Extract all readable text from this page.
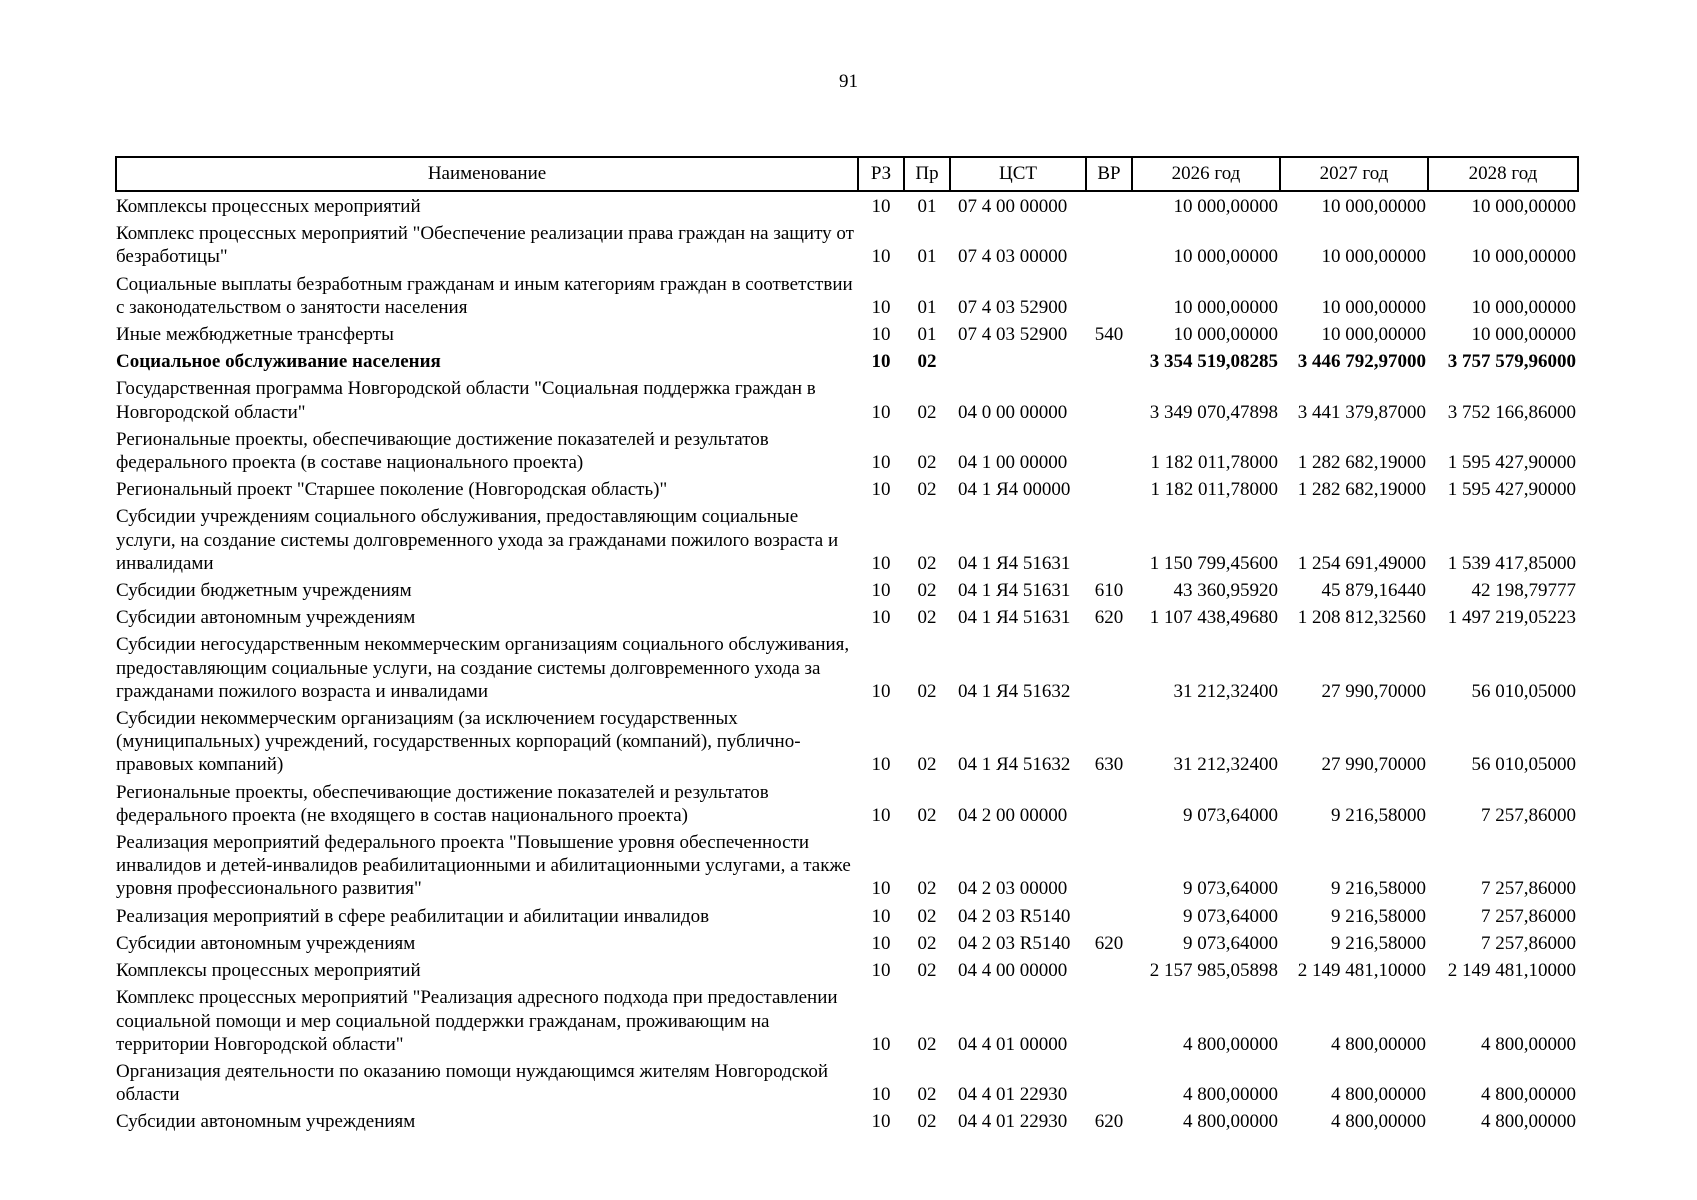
91
Наименование	РЗ	Пр	ЦСТ	ВР	2026 год	2027 год	2028 год
Комплексы процессных мероприятий	10	01	07 4 00 00000		10 000,00000	10 000,00000	10 000,00000
Комплекс процессных мероприятий "Обеспечение реализации права граждан на защиту от безработицы"	10	01	07 4 03 00000		10 000,00000	10 000,00000	10 000,00000
Социальные выплаты безработным гражданам и иным категориям граждан в соответствии с законодательством о занятости населения	10	01	07 4 03 52900		10 000,00000	10 000,00000	10 000,00000
Иные межбюджетные трансферты	10	01	07 4 03 52900	540	10 000,00000	10 000,00000	10 000,00000
Социальное обслуживание населения	10	02			3 354 519,08285	3 446 792,97000	3 757 579,96000
Государственная программа Новгородской области "Социальная поддержка граждан в Новгородской области"	10	02	04 0 00 00000		3 349 070,47898	3 441 379,87000	3 752 166,86000
Региональные проекты, обеспечивающие достижение показателей и результатов федерального проекта (в составе национального проекта)	10	02	04 1 00 00000		1 182 011,78000	1 282 682,19000	1 595 427,90000
Региональный проект "Старшее поколение (Новгородская область)"	10	02	04 1 Я4 00000		1 182 011,78000	1 282 682,19000	1 595 427,90000
Субсидии учреждениям социального обслуживания, предоставляющим социальные услуги, на создание системы долговременного ухода за гражданами пожилого возраста и инвалидами	10	02	04 1 Я4 51631		1 150 799,45600	1 254 691,49000	1 539 417,85000
Субсидии бюджетным учреждениям	10	02	04 1 Я4 51631	610	43 360,95920	45 879,16440	42 198,79777
Субсидии автономным учреждениям	10	02	04 1 Я4 51631	620	1 107 438,49680	1 208 812,32560	1 497 219,05223
Субсидии негосударственным некоммерческим организациям социального обслуживания, предоставляющим социальные услуги, на создание системы долговременного ухода за гражданами пожилого возраста и инвалидами	10	02	04 1 Я4 51632		31 212,32400	27 990,70000	56 010,05000
Субсидии некоммерческим организациям (за исключением государственных (муниципальных) учреждений, государственных корпораций (компаний), публично-правовых компаний)	10	02	04 1 Я4 51632	630	31 212,32400	27 990,70000	56 010,05000
Региональные проекты, обеспечивающие достижение показателей и результатов федерального проекта (не входящего в состав национального проекта)	10	02	04 2 00 00000		9 073,64000	9 216,58000	7 257,86000
Реализация мероприятий федерального проекта "Повышение уровня обеспеченности инвалидов и детей-инвалидов реабилитационными и абилитационными услугами, а также уровня профессионального развития"	10	02	04 2 03 00000		9 073,64000	9 216,58000	7 257,86000
Реализация мероприятий в сфере реабилитации и абилитации инвалидов	10	02	04 2 03 R5140		9 073,64000	9 216,58000	7 257,86000
Субсидии автономным учреждениям	10	02	04 2 03 R5140	620	9 073,64000	9 216,58000	7 257,86000
Комплексы процессных мероприятий	10	02	04 4 00 00000		2 157 985,05898	2 149 481,10000	2 149 481,10000
Комплекс процессных мероприятий "Реализация адресного подхода при предоставлении социальной помощи и мер социальной поддержки гражданам, проживающим на территории Новгородской области"	10	02	04 4 01 00000		4 800,00000	4 800,00000	4 800,00000
Организация деятельности по оказанию помощи нуждающимся жителям Новгородской области	10	02	04 4 01 22930		4 800,00000	4 800,00000	4 800,00000
Субсидии автономным учреждениям	10	02	04 4 01 22930	620	4 800,00000	4 800,00000	4 800,00000
